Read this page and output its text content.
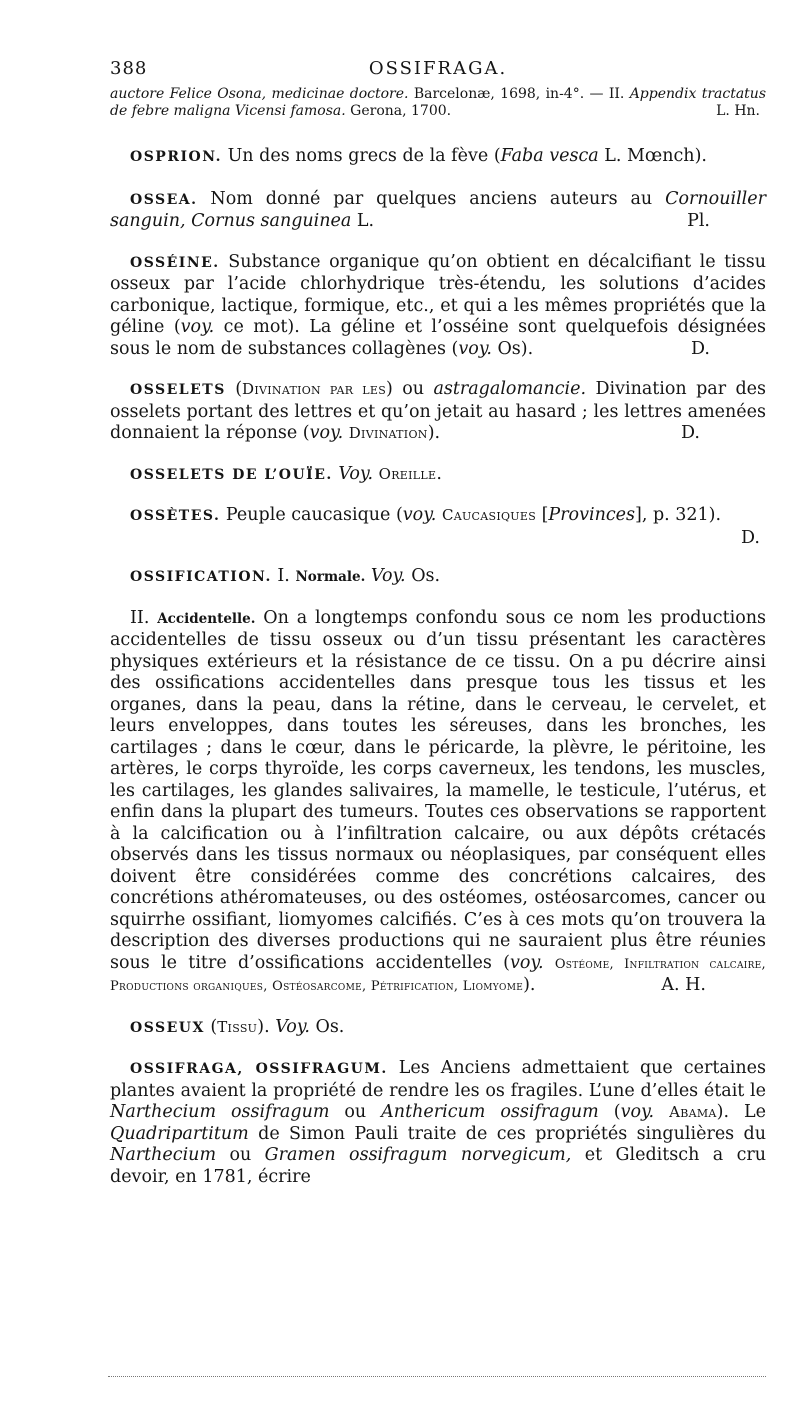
388	OSSIFRAGA.

auctore Felice Osona, medicinae doctore. Barcelonæ, 1698, in-4°. — II. Appendix tractatus de febre maligna Vicensi famosa. Gerona, 1700.	L. Hn.

OSPRION. Un des noms grecs de la fève (Faba vesca L. Mœnch).

OSSEA. Nom donné par quelques anciens auteurs au Cornouiller sanguin, Cornus sanguinea L.	Pl.

OSSÉINE. Substance organique qu’on obtient en décalcifiant le tissu osseux par l’acide chlorhydrique très-étendu, les solutions d’acides carbonique, lactique, formique, etc., et qui a les mêmes propriétés que la géline (voy. ce mot). La géline et l’osséine sont quelquefois désignées sous le nom de substances collagènes (voy. Os).	D.

OSSELETS (Divination par les) ou astragalomancie. Divination par des osselets portant des lettres et qu’on jetait au hasard ; les lettres amenées donnaient la réponse (voy. Divination).	D.

OSSELETS DE L’OUÏE. Voy. Oreille.

OSSÈTES. Peuple caucasique (voy. Caucasiques [Provinces], p. 321).
D.

OSSIFICATION. I. Normale. Voy. Os.

II. Accidentelle. On a longtemps confondu sous ce nom les productions accidentelles de tissu osseux ou d’un tissu présentant les caractères physiques extérieurs et la résistance de ce tissu. On a pu décrire ainsi des ossifications accidentelles dans presque tous les tissus et les organes, dans la peau, dans la rétine, dans le cerveau, le cervelet, et leurs enveloppes, dans toutes les séreuses, dans les bronches, les cartilages ; dans le cœur, dans le péricarde, la plèvre, le péritoine, les artères, le corps thyroïde, les corps caverneux, les tendons, les muscles, les cartilages, les glandes salivaires, la mamelle, le testicule, l’utérus, et enfin dans la plupart des tumeurs. Toutes ces observations se rapportent à la calcification ou à l’infiltration calcaire, ou aux dépôts crétacés observés dans les tissus normaux ou néoplasiques, par conséquent elles doivent être considérées comme des concrétions calcaires, des concrétions athéromateuses, ou des ostéomes, ostéosarcomes, cancer ou squirrhe ossifiant, liomyomes calcifiés. C’es à ces mots qu’on trouvera la description des diverses productions qui ne sauraient plus être réunies sous le titre d’ossifications accidentelles (voy. Ostéome, Infiltration calcaire, Productions organiques, Ostéosarcome, Pétrification, Liomyome).	A. H.

OSSEUX (Tissu). Voy. Os.

OSSIFRAGA, OSSIFRAGUM. Les Anciens admettaient que certaines plantes avaient la propriété de rendre les os fragiles. L’une d’elles était le Narthecium ossifragum ou Anthericum ossifragum (voy. Abama). Le Quadripartitum de Simon Pauli traite de ces propriétés singulières du Narthecium ou Gramen ossifragum norvegicum, et Gleditsch a cru devoir, en 1781, écrire
